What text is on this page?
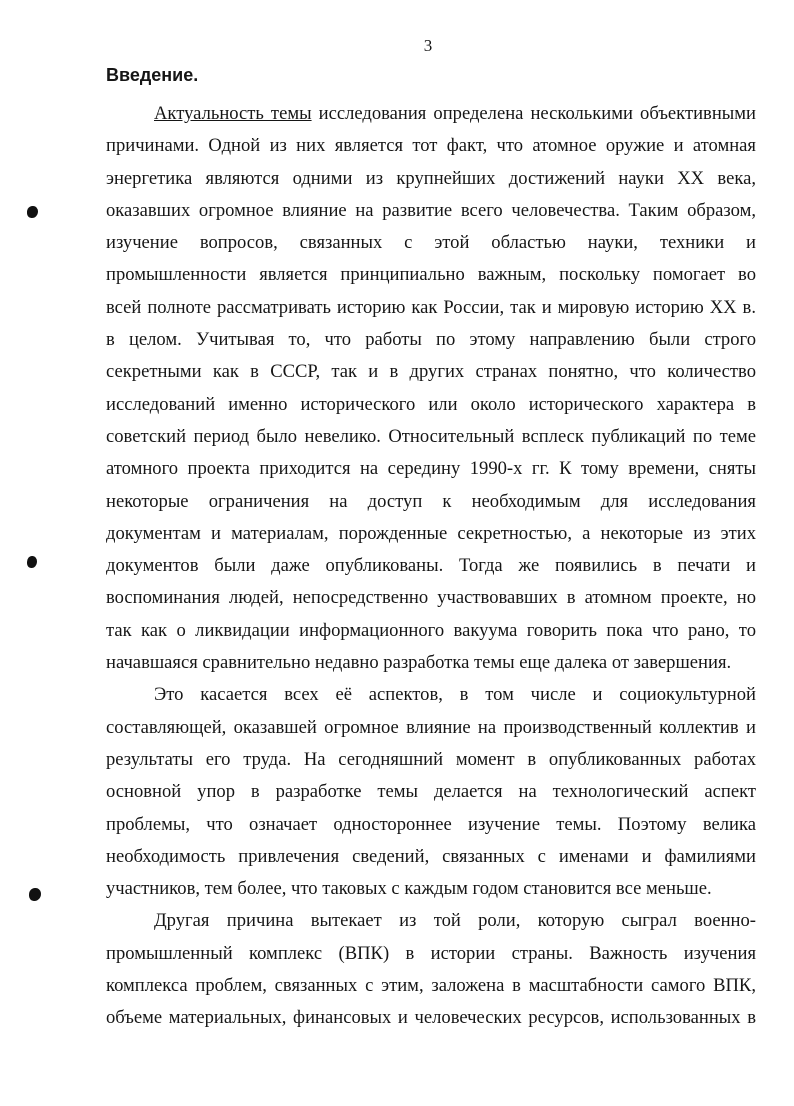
3
Введение.
Актуальность темы исследования определена несколькими объективными
причинами. Одной из них является тот факт, что атомное оружие и атомная
энергетика являются одними из крупнейших достижений науки XX века,
оказавших огромное влияние на развитие всего человечества. Таким образом,
изучение вопросов, связанных с этой областью науки, техники и
промышленности является принципиально важным, поскольку помогает во
всей полноте рассматривать историю как России, так и мировую историю XX в.
в целом. Учитывая то, что работы по этому направлению были строго
секретными как в СССР, так и в других странах понятно, что количество
исследований именно исторического или около исторического характера в
советский период было невелико. Относительный всплеск публикаций по теме
атомного проекта приходится на середину 1990-х гг. К тому времени, сняты
некоторые ограничения на доступ к необходимым для исследования
документам и материалам, порожденные секретностью, а некоторые из этих
документов были даже опубликованы. Тогда же появились в печати и
воспоминания людей, непосредственно участвовавших в атомном проекте, но
так как о ликвидации информационного вакуума говорить пока что рано, то
начавшаяся сравнительно недавно разработка темы еще далека от завершения.
Это касается всех её аспектов, в том числе и социокультурной
составляющей, оказавшей огромное влияние на производственный коллектив и
результаты его труда. На сегодняшний момент в опубликованных работах
основной упор в разработке темы делается на технологический аспект
проблемы, что означает одностороннее изучение темы. Поэтому велика
необходимость привлечения сведений, связанных с именами и фамилиями
участников, тем более, что таковых с каждым годом становится все меньше.
Другая причина вытекает из той роли, которую сыграл военно-
промышленный комплекс (ВПК) в истории страны. Важность изучения
комплекса проблем, связанных с этим, заложена в масштабности самого ВПК,
объеме материальных, финансовых и человеческих ресурсов, использованных в
